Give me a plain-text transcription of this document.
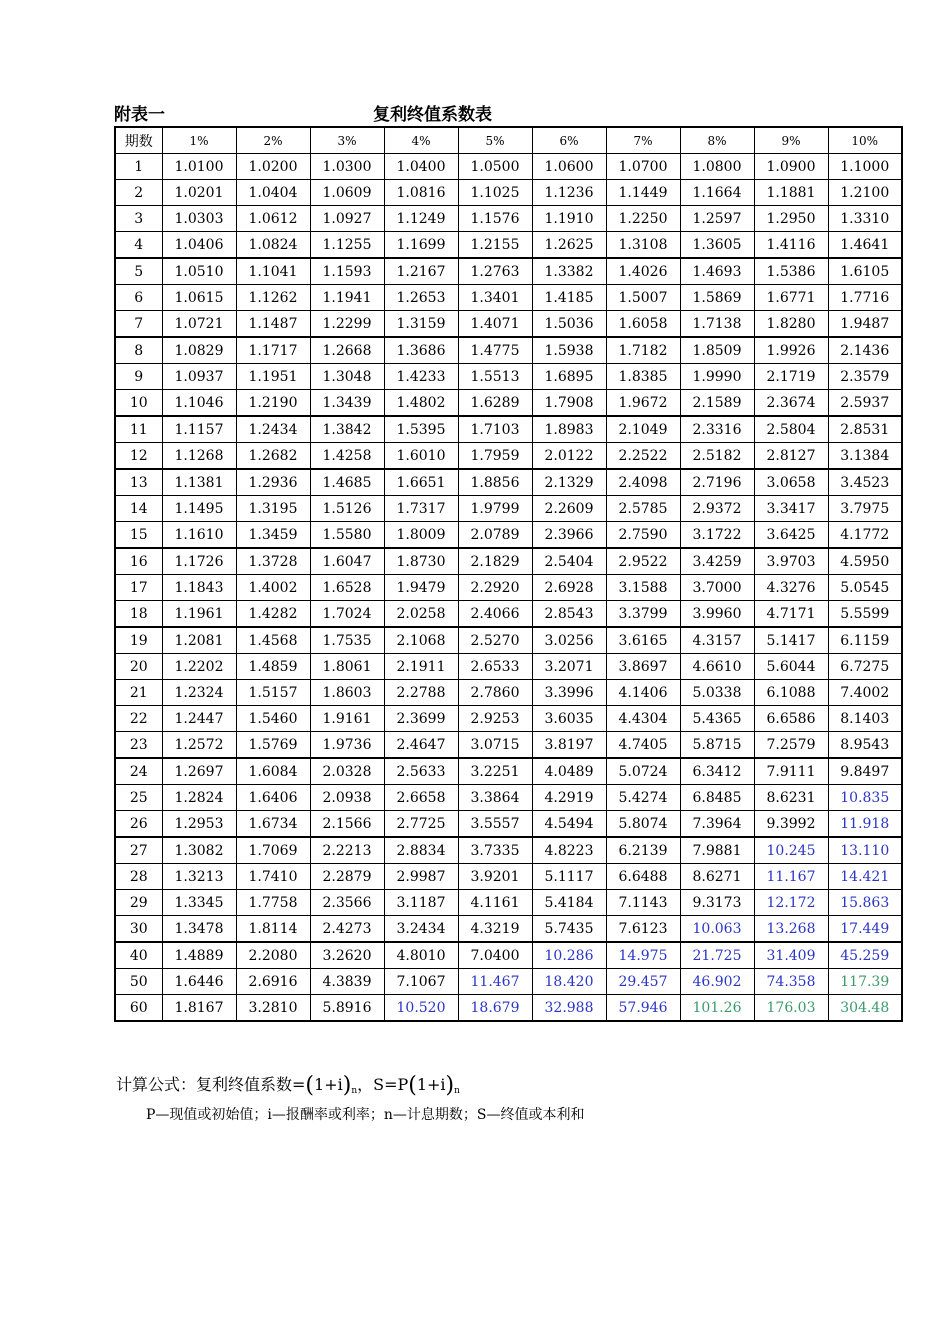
附表一	复利终值系数表
期数	1%	2%	3%	4%	5%	6%	7%	8%	9%	10%
1	1.0100	1.0200	1.0300	1.0400	1.0500	1.0600	1.0700	1.0800	1.0900	1.1000
2	1.0201	1.0404	1.0609	1.0816	1.1025	1.1236	1.1449	1.1664	1.1881	1.2100
3	1.0303	1.0612	1.0927	1.1249	1.1576	1.1910	1.2250	1.2597	1.2950	1.3310
4	1.0406	1.0824	1.1255	1.1699	1.2155	1.2625	1.3108	1.3605	1.4116	1.4641
5	1.0510	1.1041	1.1593	1.2167	1.2763	1.3382	1.4026	1.4693	1.5386	1.6105
6	1.0615	1.1262	1.1941	1.2653	1.3401	1.4185	1.5007	1.5869	1.6771	1.7716
7	1.0721	1.1487	1.2299	1.3159	1.4071	1.5036	1.6058	1.7138	1.8280	1.9487
8	1.0829	1.1717	1.2668	1.3686	1.4775	1.5938	1.7182	1.8509	1.9926	2.1436
9	1.0937	1.1951	1.3048	1.4233	1.5513	1.6895	1.8385	1.9990	2.1719	2.3579
10	1.1046	1.2190	1.3439	1.4802	1.6289	1.7908	1.9672	2.1589	2.3674	2.5937
11	1.1157	1.2434	1.3842	1.5395	1.7103	1.8983	2.1049	2.3316	2.5804	2.8531
12	1.1268	1.2682	1.4258	1.6010	1.7959	2.0122	2.2522	2.5182	2.8127	3.1384
13	1.1381	1.2936	1.4685	1.6651	1.8856	2.1329	2.4098	2.7196	3.0658	3.4523
14	1.1495	1.3195	1.5126	1.7317	1.9799	2.2609	2.5785	2.9372	3.3417	3.7975
15	1.1610	1.3459	1.5580	1.8009	2.0789	2.3966	2.7590	3.1722	3.6425	4.1772
16	1.1726	1.3728	1.6047	1.8730	2.1829	2.5404	2.9522	3.4259	3.9703	4.5950
17	1.1843	1.4002	1.6528	1.9479	2.2920	2.6928	3.1588	3.7000	4.3276	5.0545
18	1.1961	1.4282	1.7024	2.0258	2.4066	2.8543	3.3799	3.9960	4.7171	5.5599
19	1.2081	1.4568	1.7535	2.1068	2.5270	3.0256	3.6165	4.3157	5.1417	6.1159
20	1.2202	1.4859	1.8061	2.1911	2.6533	3.2071	3.8697	4.6610	5.6044	6.7275
21	1.2324	1.5157	1.8603	2.2788	2.7860	3.3996	4.1406	5.0338	6.1088	7.4002
22	1.2447	1.5460	1.9161	2.3699	2.9253	3.6035	4.4304	5.4365	6.6586	8.1403
23	1.2572	1.5769	1.9736	2.4647	3.0715	3.8197	4.7405	5.8715	7.2579	8.9543
24	1.2697	1.6084	2.0328	2.5633	3.2251	4.0489	5.0724	6.3412	7.9111	9.8497
25	1.2824	1.6406	2.0938	2.6658	3.3864	4.2919	5.4274	6.8485	8.6231	10.835
26	1.2953	1.6734	2.1566	2.7725	3.5557	4.5494	5.8074	7.3964	9.3992	11.918
27	1.3082	1.7069	2.2213	2.8834	3.7335	4.8223	6.2139	7.9881	10.245	13.110
28	1.3213	1.7410	2.2879	2.9987	3.9201	5.1117	6.6488	8.6271	11.167	14.421
29	1.3345	1.7758	2.3566	3.1187	4.1161	5.4184	7.1143	9.3173	12.172	15.863
30	1.3478	1.8114	2.4273	3.2434	4.3219	5.7435	7.6123	10.063	13.268	17.449
40	1.4889	2.2080	3.2620	4.8010	7.0400	10.286	14.975	21.725	31.409	45.259
50	1.6446	2.6916	4.3839	7.1067	11.467	18.420	29.457	46.902	74.358	117.39
60	1.8167	3.2810	5.8916	10.520	18.679	32.988	57.946	101.26	176.03	304.48
计算公式：复利终值系数$=(1+i)_n$，$S=P(1+i)_n$
P—现值或初始值；i—报酬率或利率；n—计息期数；S—终值或本利和
